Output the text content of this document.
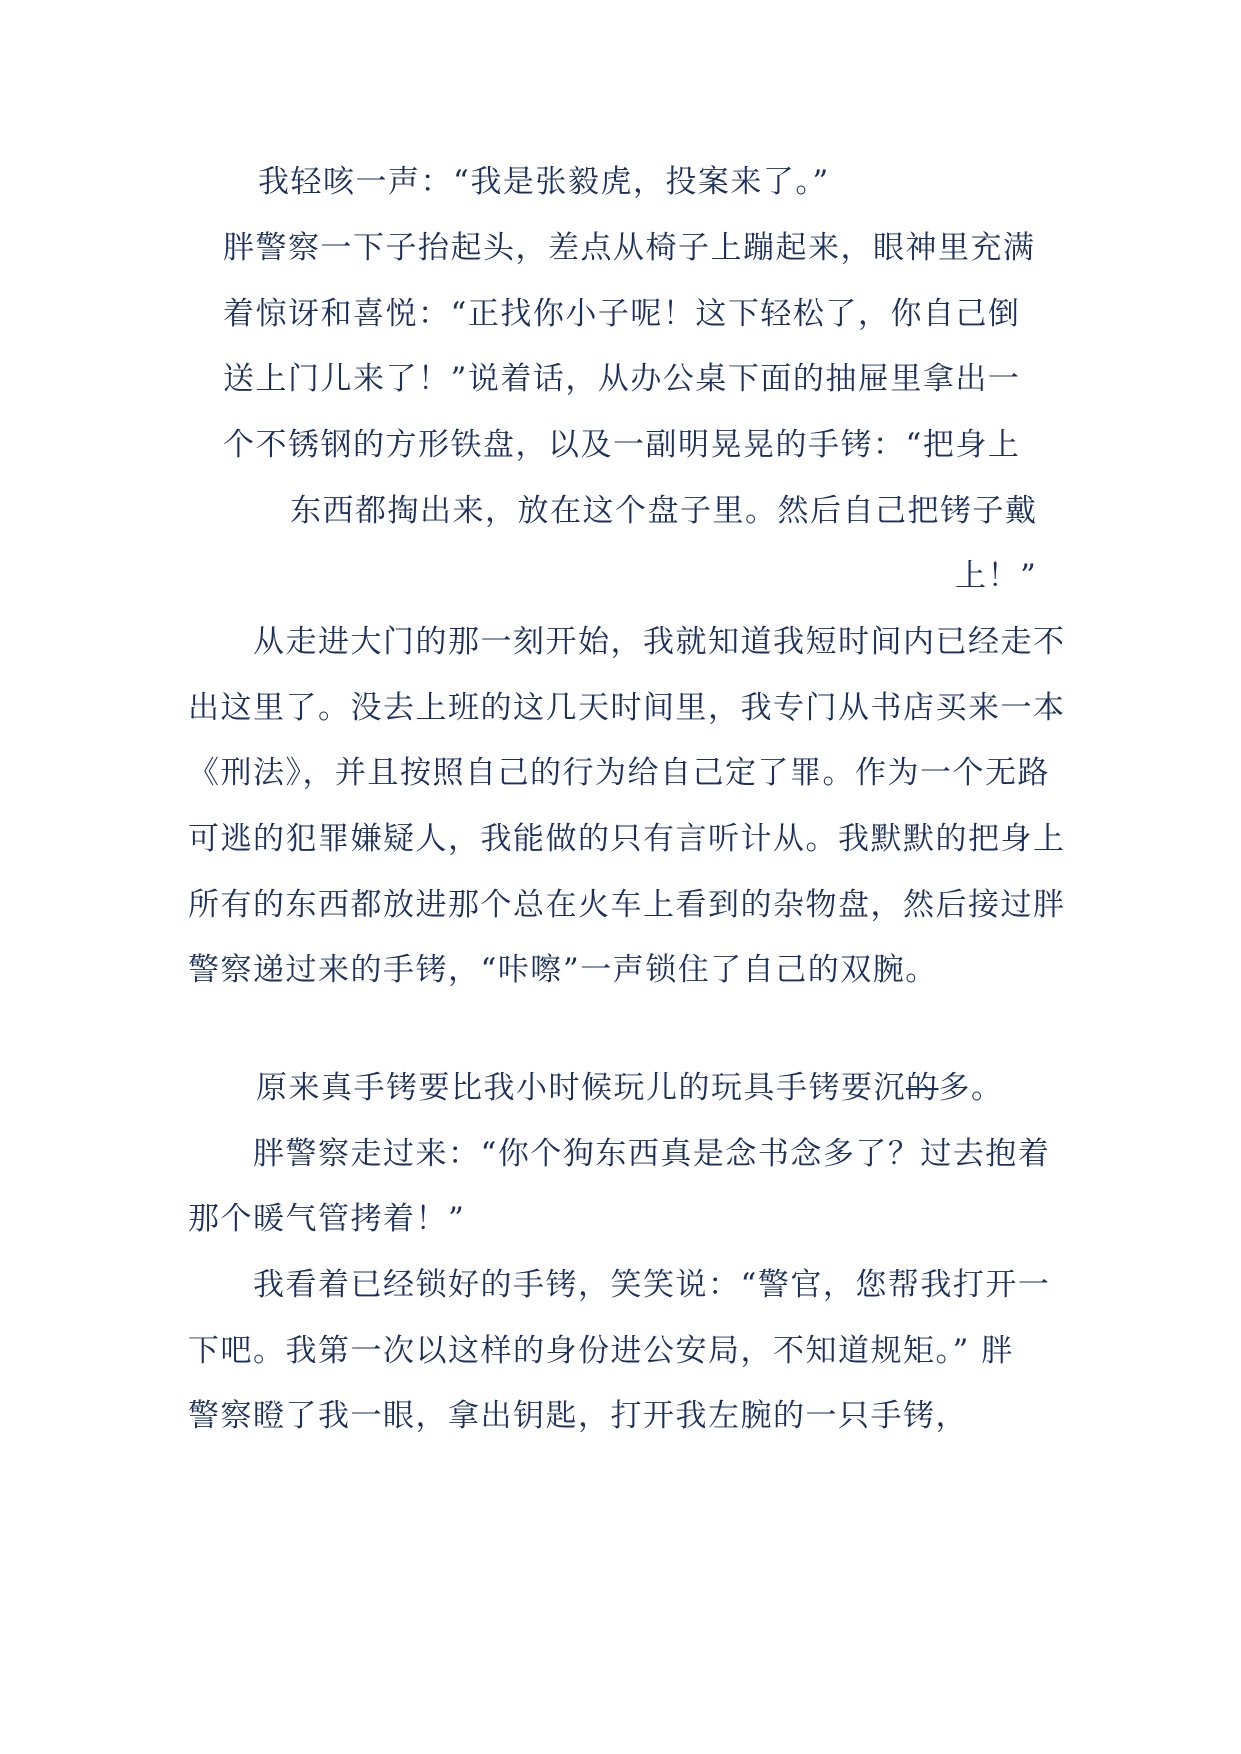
我轻咳一声：“我是张毅虎，投案来了。”

胖警察一下子抬起头，差点从椅子上蹦起来，眼神里充满

着惊讶和喜悦：“正找你小子呢！这下轻松了，你自己倒

送上门儿来了！”说着话，从办公桌下面的抽屉里拿出一

个不锈钢的方形铁盘，以及一副明晃晃的手铐：“把身上

东西都掏出来，放在这个盘子里。然后自己把铐子戴

上！”

从走进大门的那一刻开始，我就知道我短时间内已经走不

出这里了。没去上班的这几天时间里，我专门从书店买来一本

《刑法》，并且按照自己的行为给自己定了罪。作为一个无路

可逃的犯罪嫌疑人，我能做的只有言听计从。我默默的把身上

所有的东西都放进那个总在火车上看到的杂物盘，然后接过胖

警察递过来的手铐，“咔嚓”一声锁住了自己的双腕。

原来真手铐要比我小时候玩儿的玩具手铐要沉的多。

胖警察走过来：“你个狗东西真是念书念多了？过去抱着

那个暖气管拷着！”

我看着已经锁好的手铐，笑笑说：“警官，您帮我打开一

下吧。我第一次以这样的身份进公安局，不知道规矩。” 胖

警察瞪了我一眼，拿出钥匙，打开我左腕的一只手铐，
